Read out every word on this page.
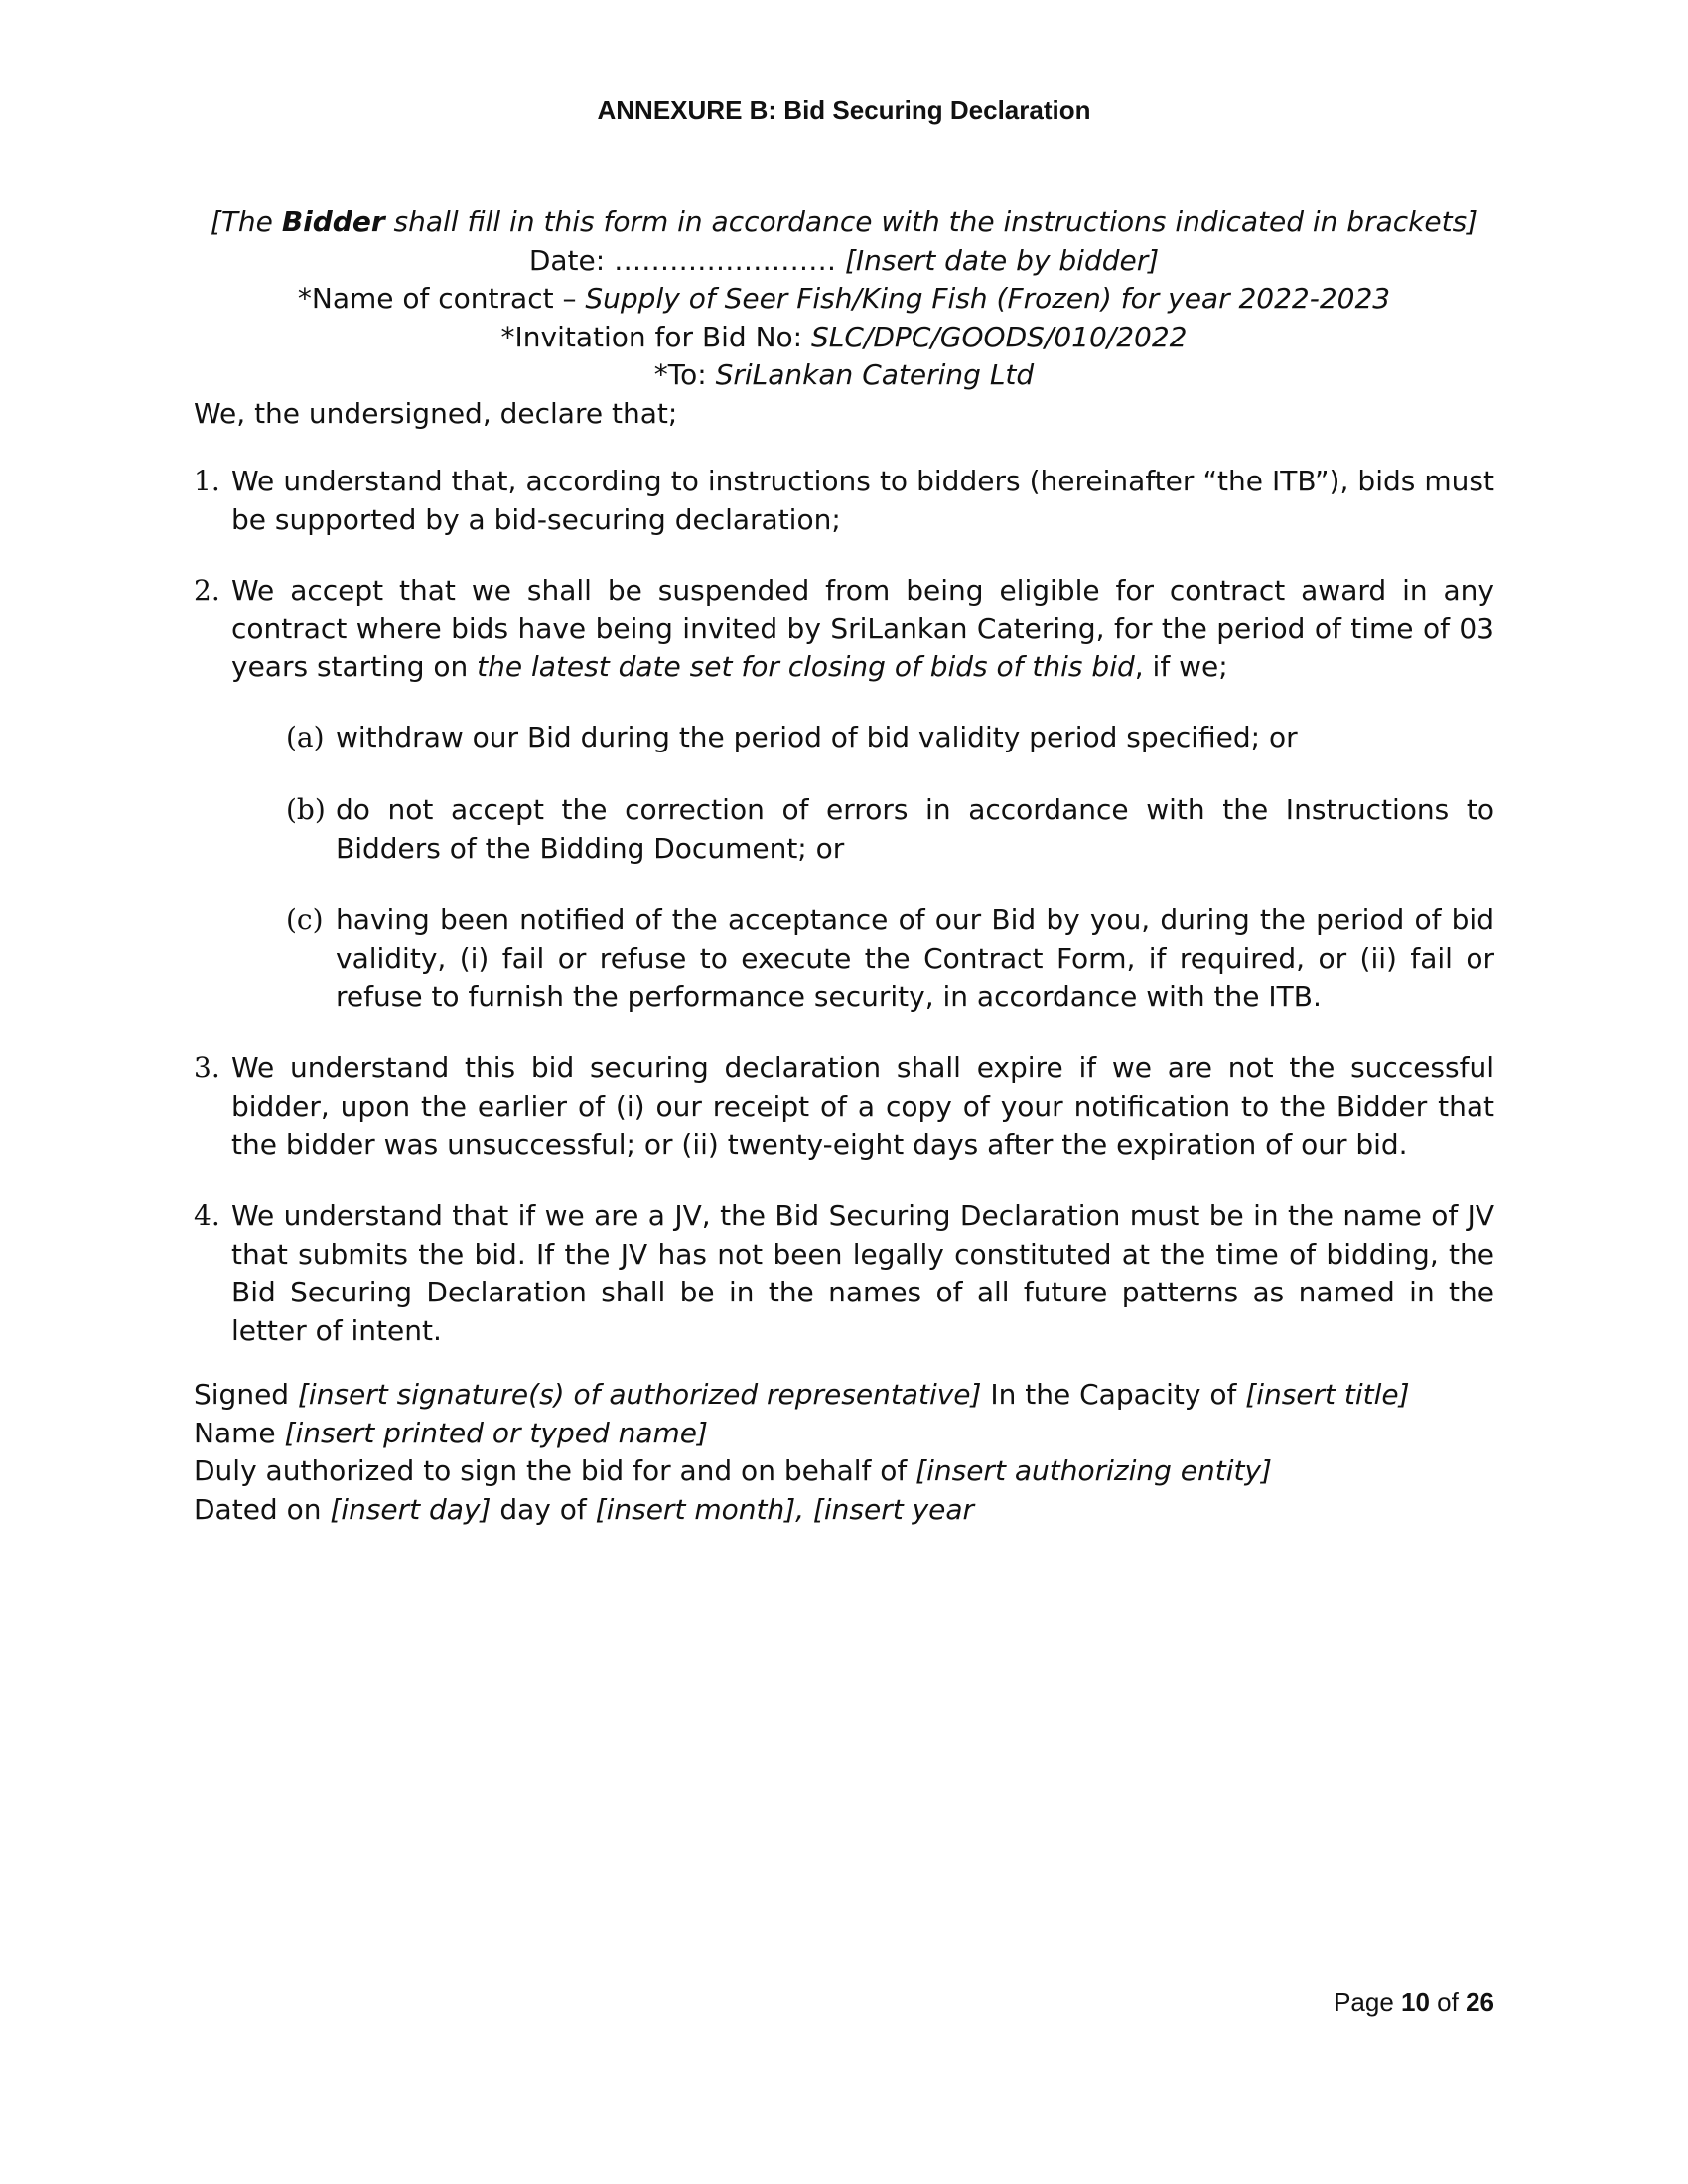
ANNEXURE B: Bid Securing Declaration
[The Bidder shall fill in this form in accordance with the instructions indicated in brackets]
Date: …………………… [Insert date by bidder]
*Name of contract – Supply of Seer Fish/King Fish (Frozen) for year 2022-2023
*Invitation for Bid No: SLC/DPC/GOODS/010/2022
*To: SriLankan Catering Ltd
We, the undersigned, declare that;
1. We understand that, according to instructions to bidders (hereinafter “the ITB”), bids must be supported by a bid-securing declaration;
2. We accept that we shall be suspended from being eligible for contract award in any contract where bids have being invited by SriLankan Catering, for the period of time of 03 years starting on the latest date set for closing of bids of this bid, if we;
(a) withdraw our Bid during the period of bid validity period specified; or
(b) do not accept the correction of errors in accordance with the Instructions to Bidders of the Bidding Document; or
(c) having been notified of the acceptance of our Bid by you, during the period of bid validity, (i) fail or refuse to execute the Contract Form, if required, or (ii) fail or refuse to furnish the performance security, in accordance with the ITB.
3. We understand this bid securing declaration shall expire if we are not the successful bidder, upon the earlier of (i) our receipt of a copy of your notification to the Bidder that the bidder was unsuccessful; or (ii) twenty-eight days after the expiration of our bid.
4. We understand that if we are a JV, the Bid Securing Declaration must be in the name of JV that submits the bid. If the JV has not been legally constituted at the time of bidding, the Bid Securing Declaration shall be in the names of all future patterns as named in the letter of intent.
Signed [insert signature(s) of authorized representative] In the Capacity of [insert title]
Name [insert printed or typed name]
Duly authorized to sign the bid for and on behalf of [insert authorizing entity]
Dated on [insert day] day of [insert month], [insert year
Page 10 of 26
